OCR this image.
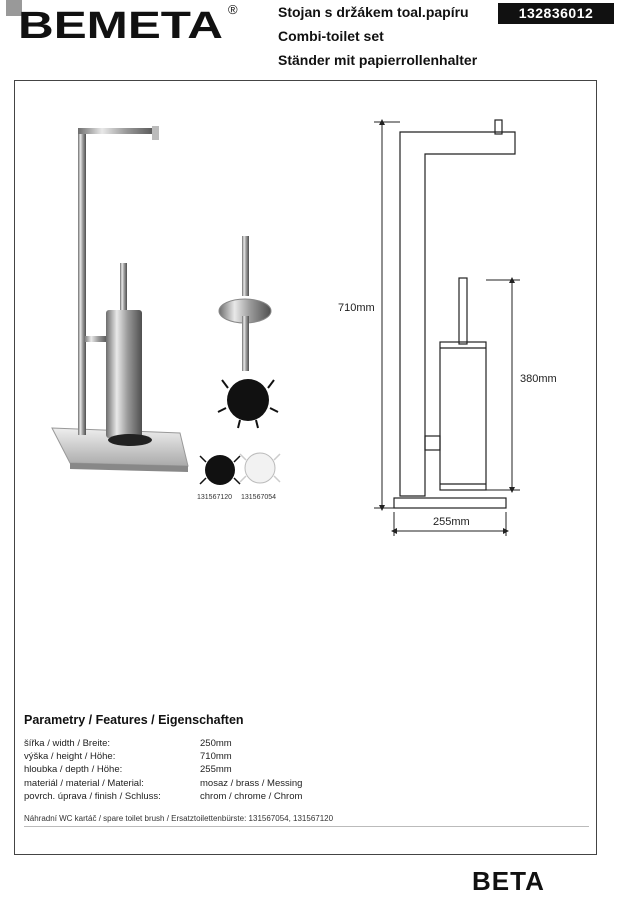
BEMETA ®	Stojan s držákem toal.papíru
Combi-toilet set
Ständer mit papierrollenhalter
132836012
131567120 131567054
710mm
380mm
255mm
Parametry / Features / Eigenschaften
šířka / width / Breite:	250mm
výška / height / Höhe:	710mm
hloubka / depth / Höhe:	255mm
materiál / material / Material:	mosaz / brass / Messing
povrch. úprava / finish / Schluss:	chrom / chrome / Chrom
Náhradní WC kartáč / spare toilet brush / Ersatztoilettenbürste: 131567054, 131567120
BETA
